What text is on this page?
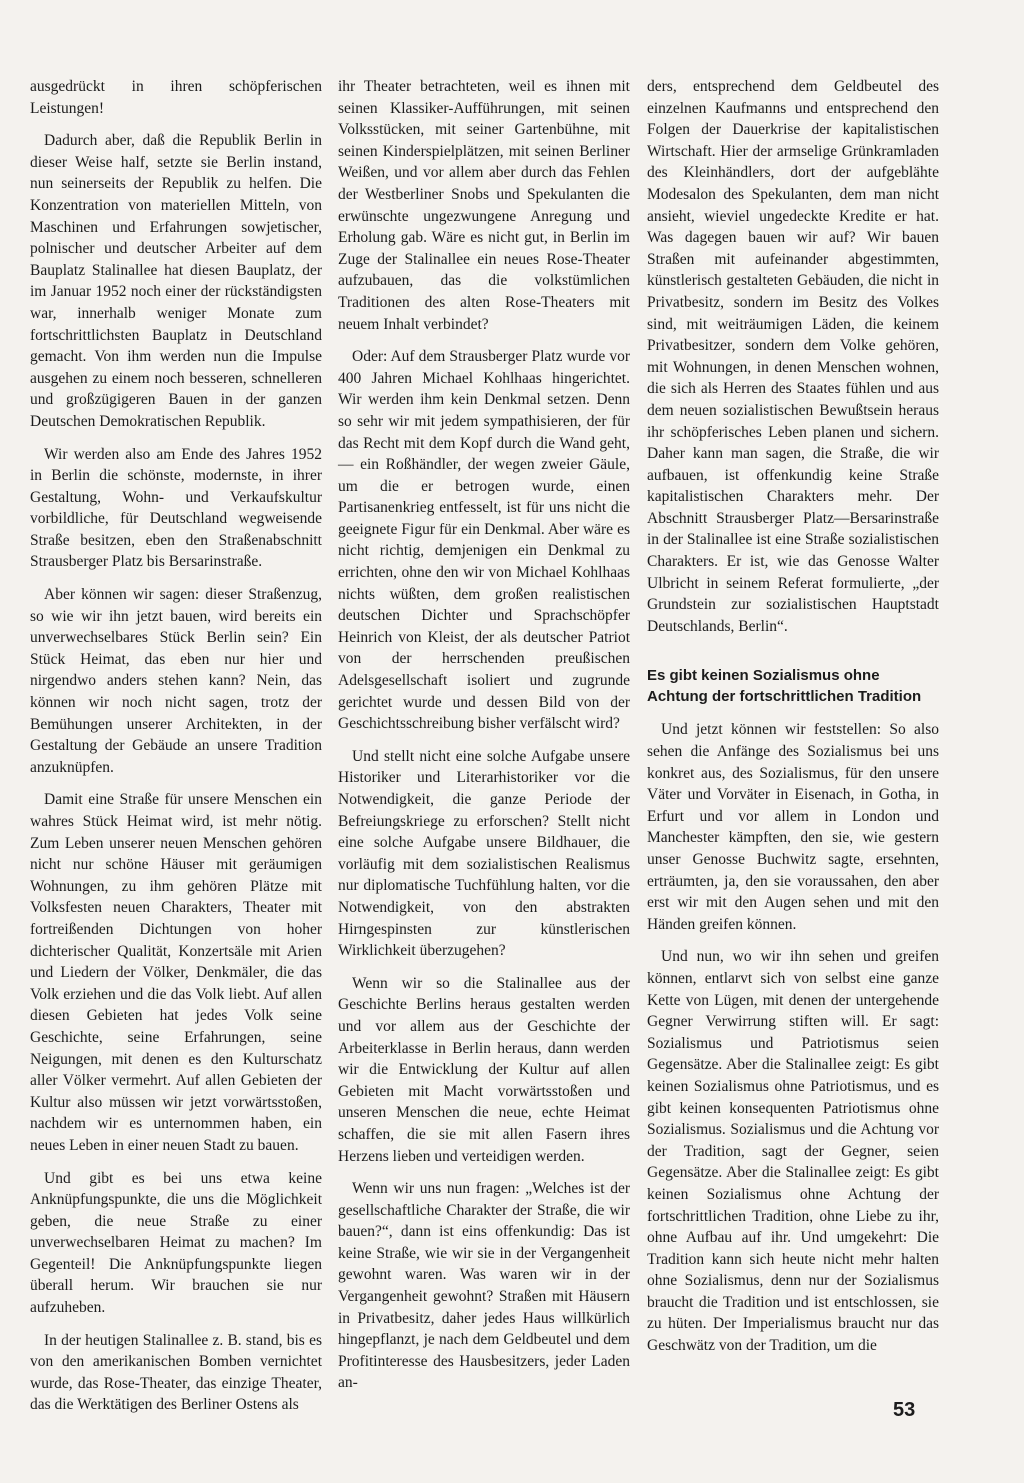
ausgedrückt in ihren schöpferischen Leistungen!

Dadurch aber, daß die Republik Berlin in dieser Weise half, setzte sie Berlin instand, nun seinerseits der Republik zu helfen. Die Konzentration von materiellen Mitteln, von Maschinen und Erfahrungen sowjetischer, polnischer und deutscher Arbeiter auf dem Bauplatz Stalinallee hat diesen Bauplatz, der im Januar 1952 noch einer der rückständigsten war, innerhalb weniger Monate zum fortschrittlichsten Bauplatz in Deutschland gemacht. Von ihm werden nun die Impulse ausgehen zu einem noch besseren, schnelleren und großzügigeren Bauen in der ganzen Deutschen Demokratischen Republik.

Wir werden also am Ende des Jahres 1952 in Berlin die schönste, modernste, in ihrer Gestaltung, Wohn- und Verkaufskultur vorbildliche, für Deutschland wegweisende Straße besitzen, eben den Straßenabschnitt Strausberger Platz bis Bersarinstraße.

Aber können wir sagen: dieser Straßenzug, so wie wir ihn jetzt bauen, wird bereits ein unverwechselbares Stück Berlin sein? Ein Stück Heimat, das eben nur hier und nirgendwo anders stehen kann? Nein, das können wir noch nicht sagen, trotz der Bemühungen unserer Architekten, in der Gestaltung der Gebäude an unsere Tradition anzuknüpfen.

Damit eine Straße für unsere Menschen ein wahres Stück Heimat wird, ist mehr nötig. Zum Leben unserer neuen Menschen gehören nicht nur schöne Häuser mit geräumigen Wohnungen, zu ihm gehören Plätze mit Volksfesten neuen Charakters, Theater mit fortreißenden Dichtungen von hoher dichterischer Qualität, Konzertsäle mit Arien und Liedern der Völker, Denkmäler, die das Volk erziehen und die das Volk liebt. Auf allen diesen Gebieten hat jedes Volk seine Geschichte, seine Erfahrungen, seine Neigungen, mit denen es den Kulturschatz aller Völker vermehrt. Auf allen Gebieten der Kultur also müssen wir jetzt vorwärtsstoßen, nachdem wir es unternommen haben, ein neues Leben in einer neuen Stadt zu bauen.

Und gibt es bei uns etwa keine Anknüpfungspunkte, die uns die Möglichkeit geben, die neue Straße zu einer unverwechselbaren Heimat zu machen? Im Gegenteil! Die Anknüpfungspunkte liegen überall herum. Wir brauchen sie nur aufzuheben.

In der heutigen Stalinallee z. B. stand, bis es von den amerikanischen Bomben vernichtet wurde, das Rose-Theater, das einzige Theater, das die Werktätigen des Berliner Ostens als

ihr Theater betrachteten, weil es ihnen mit seinen Klassiker-Aufführungen, mit seinen Volksstücken, mit seiner Gartenbühne, mit seinen Kinderspielplätzen, mit seinen Berliner Weißen, und vor allem aber durch das Fehlen der Westberliner Snobs und Spekulanten die erwünschte ungezwungene Anregung und Erholung gab. Wäre es nicht gut, in Berlin im Zuge der Stalinallee ein neues Rose-Theater aufzubauen, das die volkstümlichen Traditionen des alten Rose-Theaters mit neuem Inhalt verbindet?

Oder: Auf dem Strausberger Platz wurde vor 400 Jahren Michael Kohlhaas hingerichtet. Wir werden ihm kein Denkmal setzen. Denn so sehr wir mit jedem sympathisieren, der für das Recht mit dem Kopf durch die Wand geht, — ein Roßhändler, der wegen zweier Gäule, um die er betrogen wurde, einen Partisanenkrieg entfesselt, ist für uns nicht die geeignete Figur für ein Denkmal. Aber wäre es nicht richtig, demjenigen ein Denkmal zu errichten, ohne den wir von Michael Kohlhaas nichts wüßten, dem großen realistischen deutschen Dichter und Sprachschöpfer Heinrich von Kleist, der als deutscher Patriot von der herrschenden preußischen Adelsgesellschaft isoliert und zugrunde gerichtet wurde und dessen Bild von der Geschichtsschreibung bisher verfälscht wird?

Und stellt nicht eine solche Aufgabe unsere Historiker und Literarhistoriker vor die Notwendigkeit, die ganze Periode der Befreiungskriege zu erforschen? Stellt nicht eine solche Aufgabe unsere Bildhauer, die vorläufig mit dem sozialistischen Realismus nur diplomatische Tuchfühlung halten, vor die Notwendigkeit, von den abstrakten Hirngespinsten zur künstlerischen Wirklichkeit überzugehen?

Wenn wir so die Stalinallee aus der Geschichte Berlins heraus gestalten werden und vor allem aus der Geschichte der Arbeiterklasse in Berlin heraus, dann werden wir die Entwicklung der Kultur auf allen Gebieten mit Macht vorwärtsstoßen und unseren Menschen die neue, echte Heimat schaffen, die sie mit allen Fasern ihres Herzens lieben und verteidigen werden.

Wenn wir uns nun fragen: „Welches ist der gesellschaftliche Charakter der Straße, die wir bauen?“, dann ist eins offenkundig: Das ist keine Straße, wie wir sie in der Vergangenheit gewohnt waren. Was waren wir in der Vergangenheit gewohnt? Straßen mit Häusern in Privatbesitz, daher jedes Haus willkürlich hingepflanzt, je nach dem Geldbeutel und dem Profitinteresse des Hausbesitzers, jeder Laden an-

ders, entsprechend dem Geldbeutel des einzelnen Kaufmanns und entsprechend den Folgen der Dauerkrise der kapitalistischen Wirtschaft. Hier der armselige Grünkramladen des Kleinhändlers, dort der aufgeblähte Modesalon des Spekulanten, dem man nicht ansieht, wieviel ungedeckte Kredite er hat. Was dagegen bauen wir auf? Wir bauen Straßen mit aufeinander abgestimmten, künstlerisch gestalteten Gebäuden, die nicht in Privatbesitz, sondern im Besitz des Volkes sind, mit weiträumigen Läden, die keinem Privatbesitzer, sondern dem Volke gehören, mit Wohnungen, in denen Menschen wohnen, die sich als Herren des Staates fühlen und aus dem neuen sozialistischen Bewußtsein heraus ihr schöpferisches Leben planen und sichern. Daher kann man sagen, die Straße, die wir aufbauen, ist offenkundig keine Straße kapitalistischen Charakters mehr. Der Abschnitt Strausberger Platz—Bersarinstraße in der Stalinallee ist eine Straße sozialistischen Charakters. Er ist, wie das Genosse Walter Ulbricht in seinem Referat formulierte, „der Grundstein zur sozialistischen Hauptstadt Deutschlands, Berlin“.

Es gibt keinen Sozialismus ohne Achtung der fortschrittlichen Tradition

Und jetzt können wir feststellen: So also sehen die Anfänge des Sozialismus bei uns konkret aus, des Sozialismus, für den unsere Väter und Vorväter in Eisenach, in Gotha, in Erfurt und vor allem in London und Manchester kämpften, den sie, wie gestern unser Genosse Buchwitz sagte, ersehnten, erträumten, ja, den sie voraussahen, den aber erst wir mit den Augen sehen und mit den Händen greifen können.

Und nun, wo wir ihn sehen und greifen können, entlarvt sich von selbst eine ganze Kette von Lügen, mit denen der untergehende Gegner Verwirrung stiften will. Er sagt: Sozialismus und Patriotismus seien Gegensätze. Aber die Stalinallee zeigt: Es gibt keinen Sozialismus ohne Patriotismus, und es gibt keinen konsequenten Patriotismus ohne Sozialismus. Sozialismus und die Achtung vor der Tradition, sagt der Gegner, seien Gegensätze. Aber die Stalinallee zeigt: Es gibt keinen Sozialismus ohne Achtung der fortschrittlichen Tradition, ohne Liebe zu ihr, ohne Aufbau auf ihr. Und umgekehrt: Die Tradition kann sich heute nicht mehr halten ohne Sozialismus, denn nur der Sozialismus braucht die Tradition und ist entschlossen, sie zu hüten. Der Imperialismus braucht nur das Geschwätz von der Tradition, um die

53
